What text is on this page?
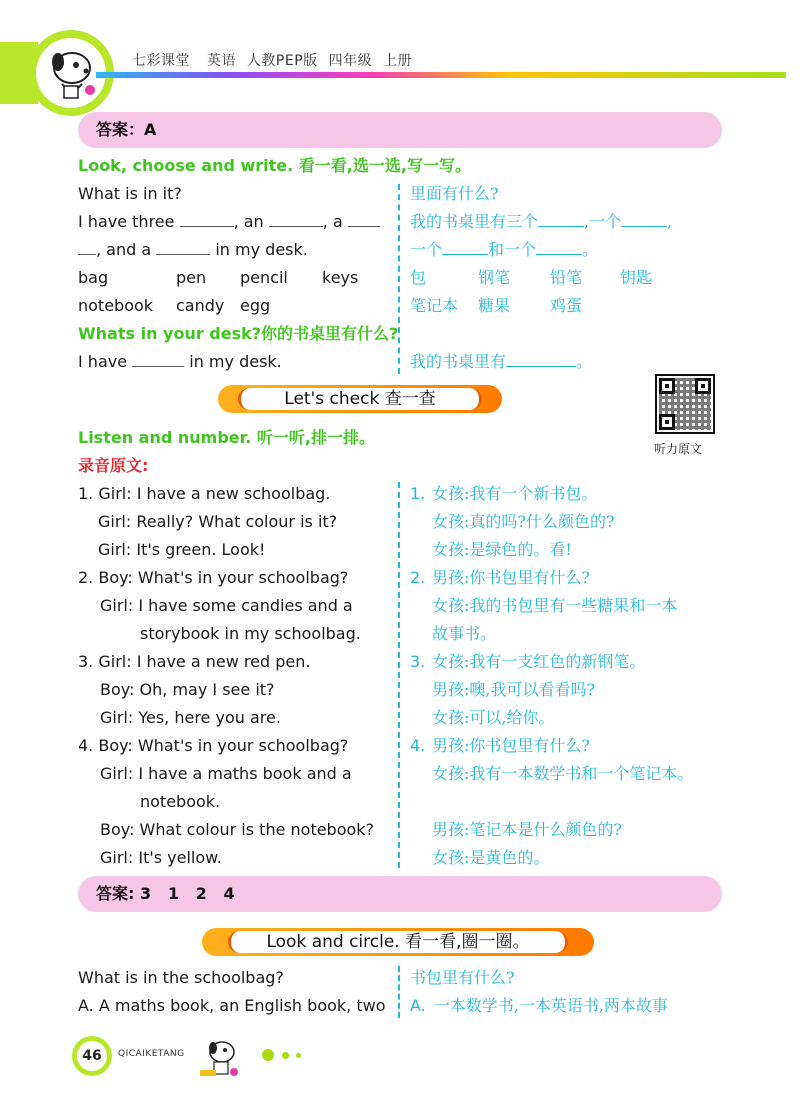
七彩课堂 英语 人教PEP版 四年级 上册
答案：A
Look, choose and write. 看一看,选一选,写一写。
What is in it?	里面有什么?
I have three	, an	, a	我的书桌里有三个	,一个	,
, and a	in my desk.	一个	和一个	。
bag	pen pencil keys	包	钢笔 铅笔 钥匙
notebook candy egg	笔记本 糖果 鸡蛋
Whats in your desk?你的书桌里有什么?
I have	in my desk.	我的书桌里有	。
Let's check 查一查
听力原文
Listen and number. 听一听,排一排。
录音原文:
1. Girl: I have a new schoolbag.	1. 女孩:我有一个新书包。
Girl: Really? What colour is it?	女孩:真的吗?什么颜色的?
Girl: It's green. Look!	女孩:是绿色的。看!
2. Boy: What's in your schoolbag?	2. 男孩:你书包里有什么?
Girl: I have some candies and a	女孩:我的书包里有一些糖果和一本
storybook in my schoolbag.	故事书。
3. Girl: I have a new red pen.	3. 女孩:我有一支红色的新钢笔。
Boy: Oh, may I see it?	男孩:噢,我可以看看吗?
Girl: Yes, here you are.	女孩:可以,给你。
4. Boy: What's in your schoolbag?	4. 男孩:你书包里有什么?
Girl: I have a maths book and a	女孩:我有一本数学书和一个笔记本。
notebook.
Boy: What colour is the notebook?	男孩:笔记本是什么颜色的?
Girl: It's yellow.	女孩:是黄色的。
答案: 3   1   2   4
Look and circle. 看一看,圈一圈。
What is in the schoolbag?	书包里有什么?
A. A maths book, an English book, two A. 一本数学书,一本英语书,两本故事
46	QICAIKETANG
